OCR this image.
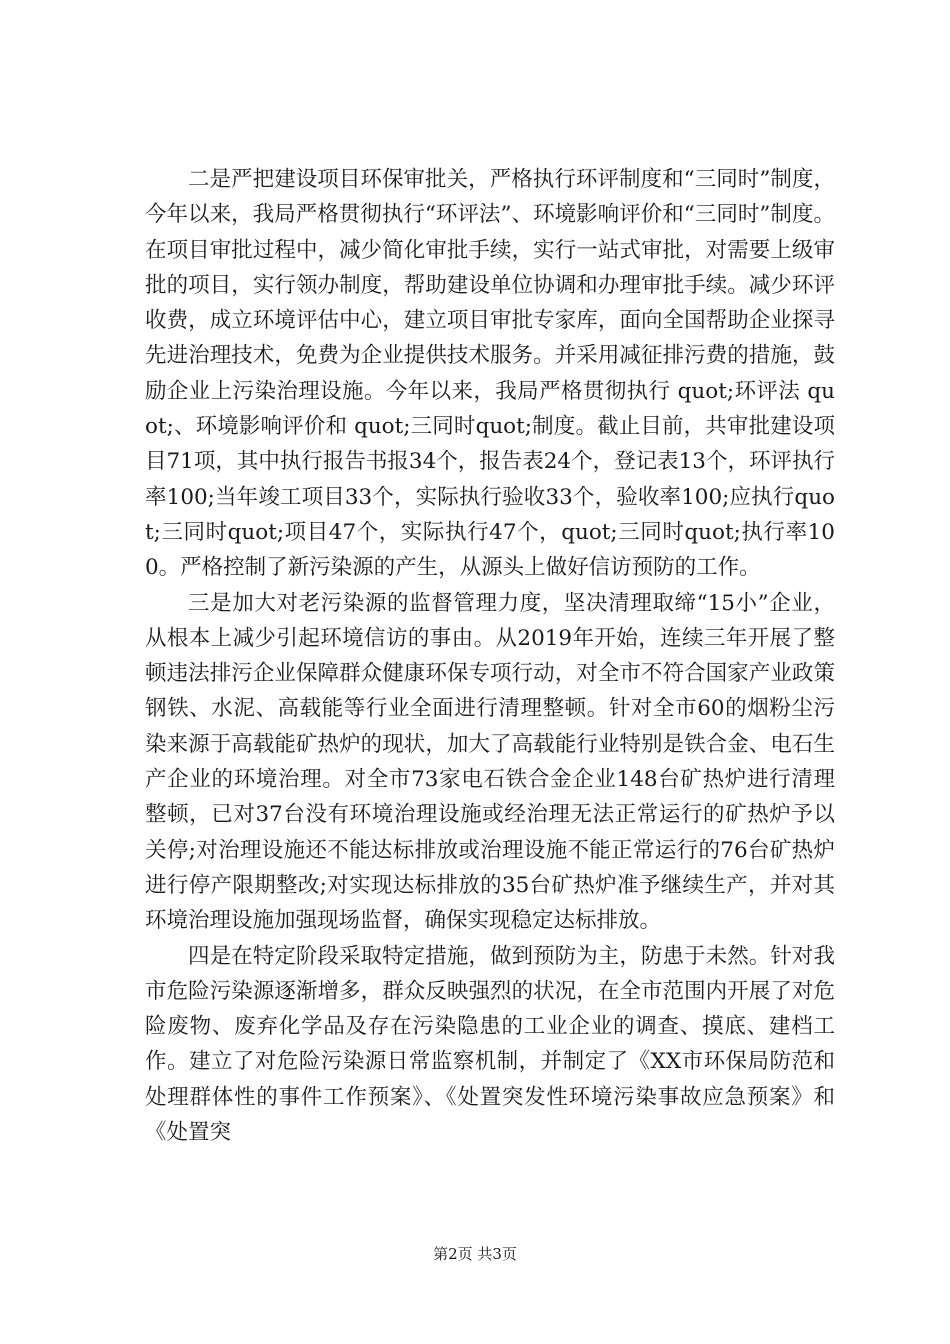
二是严把建设项目环保审批关，严格执行环评制度和“三同时”制度，今年以来，我局严格贯彻执行“环评法”、环境影响评价和“三同时”制度。在项目审批过程中，减少简化审批手续，实行一站式审批，对需要上级审批的项目，实行领办制度，帮助建设单位协调和办理审批手续。减少环评收费，成立环境评估中心，建立项目审批专家库，面向全国帮助企业探寻先进治理技术，免费为企业提供技术服务。并采用减征排污费的措施，鼓励企业上污染治理设施。今年以来，我局严格贯彻执行 quot;环评法 quot;、环境影响评价和 quot;三同时quot;制度。截止目前，共审批建设项目71项，其中执行报告书报34个，报告表24个，登记表13个，环评执行率100;当年竣工项目33个，实际执行验收33个，验收率100;应执行quot;三同时quot;项目47个，实际执行47个，quot;三同时quot;执行率100。严格控制了新污染源的产生，从源头上做好信访预防的工作。

三是加大对老污染源的监督管理力度，坚决清理取缔“15小”企业，从根本上减少引起环境信访的事由。从2019年开始，连续三年开展了整顿违法排污企业保障群众健康环保专项行动，对全市不符合国家产业政策钢铁、水泥、高载能等行业全面进行清理整顿。针对全市60的烟粉尘污染来源于高载能矿热炉的现状，加大了高载能行业特别是铁合金、电石生产企业的环境治理。对全市73家电石铁合金企业148台矿热炉进行清理整顿，已对37台没有环境治理设施或经治理无法正常运行的矿热炉予以关停;对治理设施还不能达标排放或治理设施不能正常运行的76台矿热炉进行停产限期整改;对实现达标排放的35台矿热炉准予继续生产，并对其环境治理设施加强现场监督，确保实现稳定达标排放。

四是在特定阶段采取特定措施，做到预防为主，防患于未然。针对我市危险污染源逐渐增多，群众反映强烈的状况，在全市范围内开展了对危险废物、废弃化学品及存在污染隐患的工业企业的调查、摸底、建档工作。建立了对危险污染源日常监察机制，并制定了《XX市环保局防范和处理群体性的事件工作预案》、《处置突发性环境污染事故应急预案》和《处置突

第2页 共3页
